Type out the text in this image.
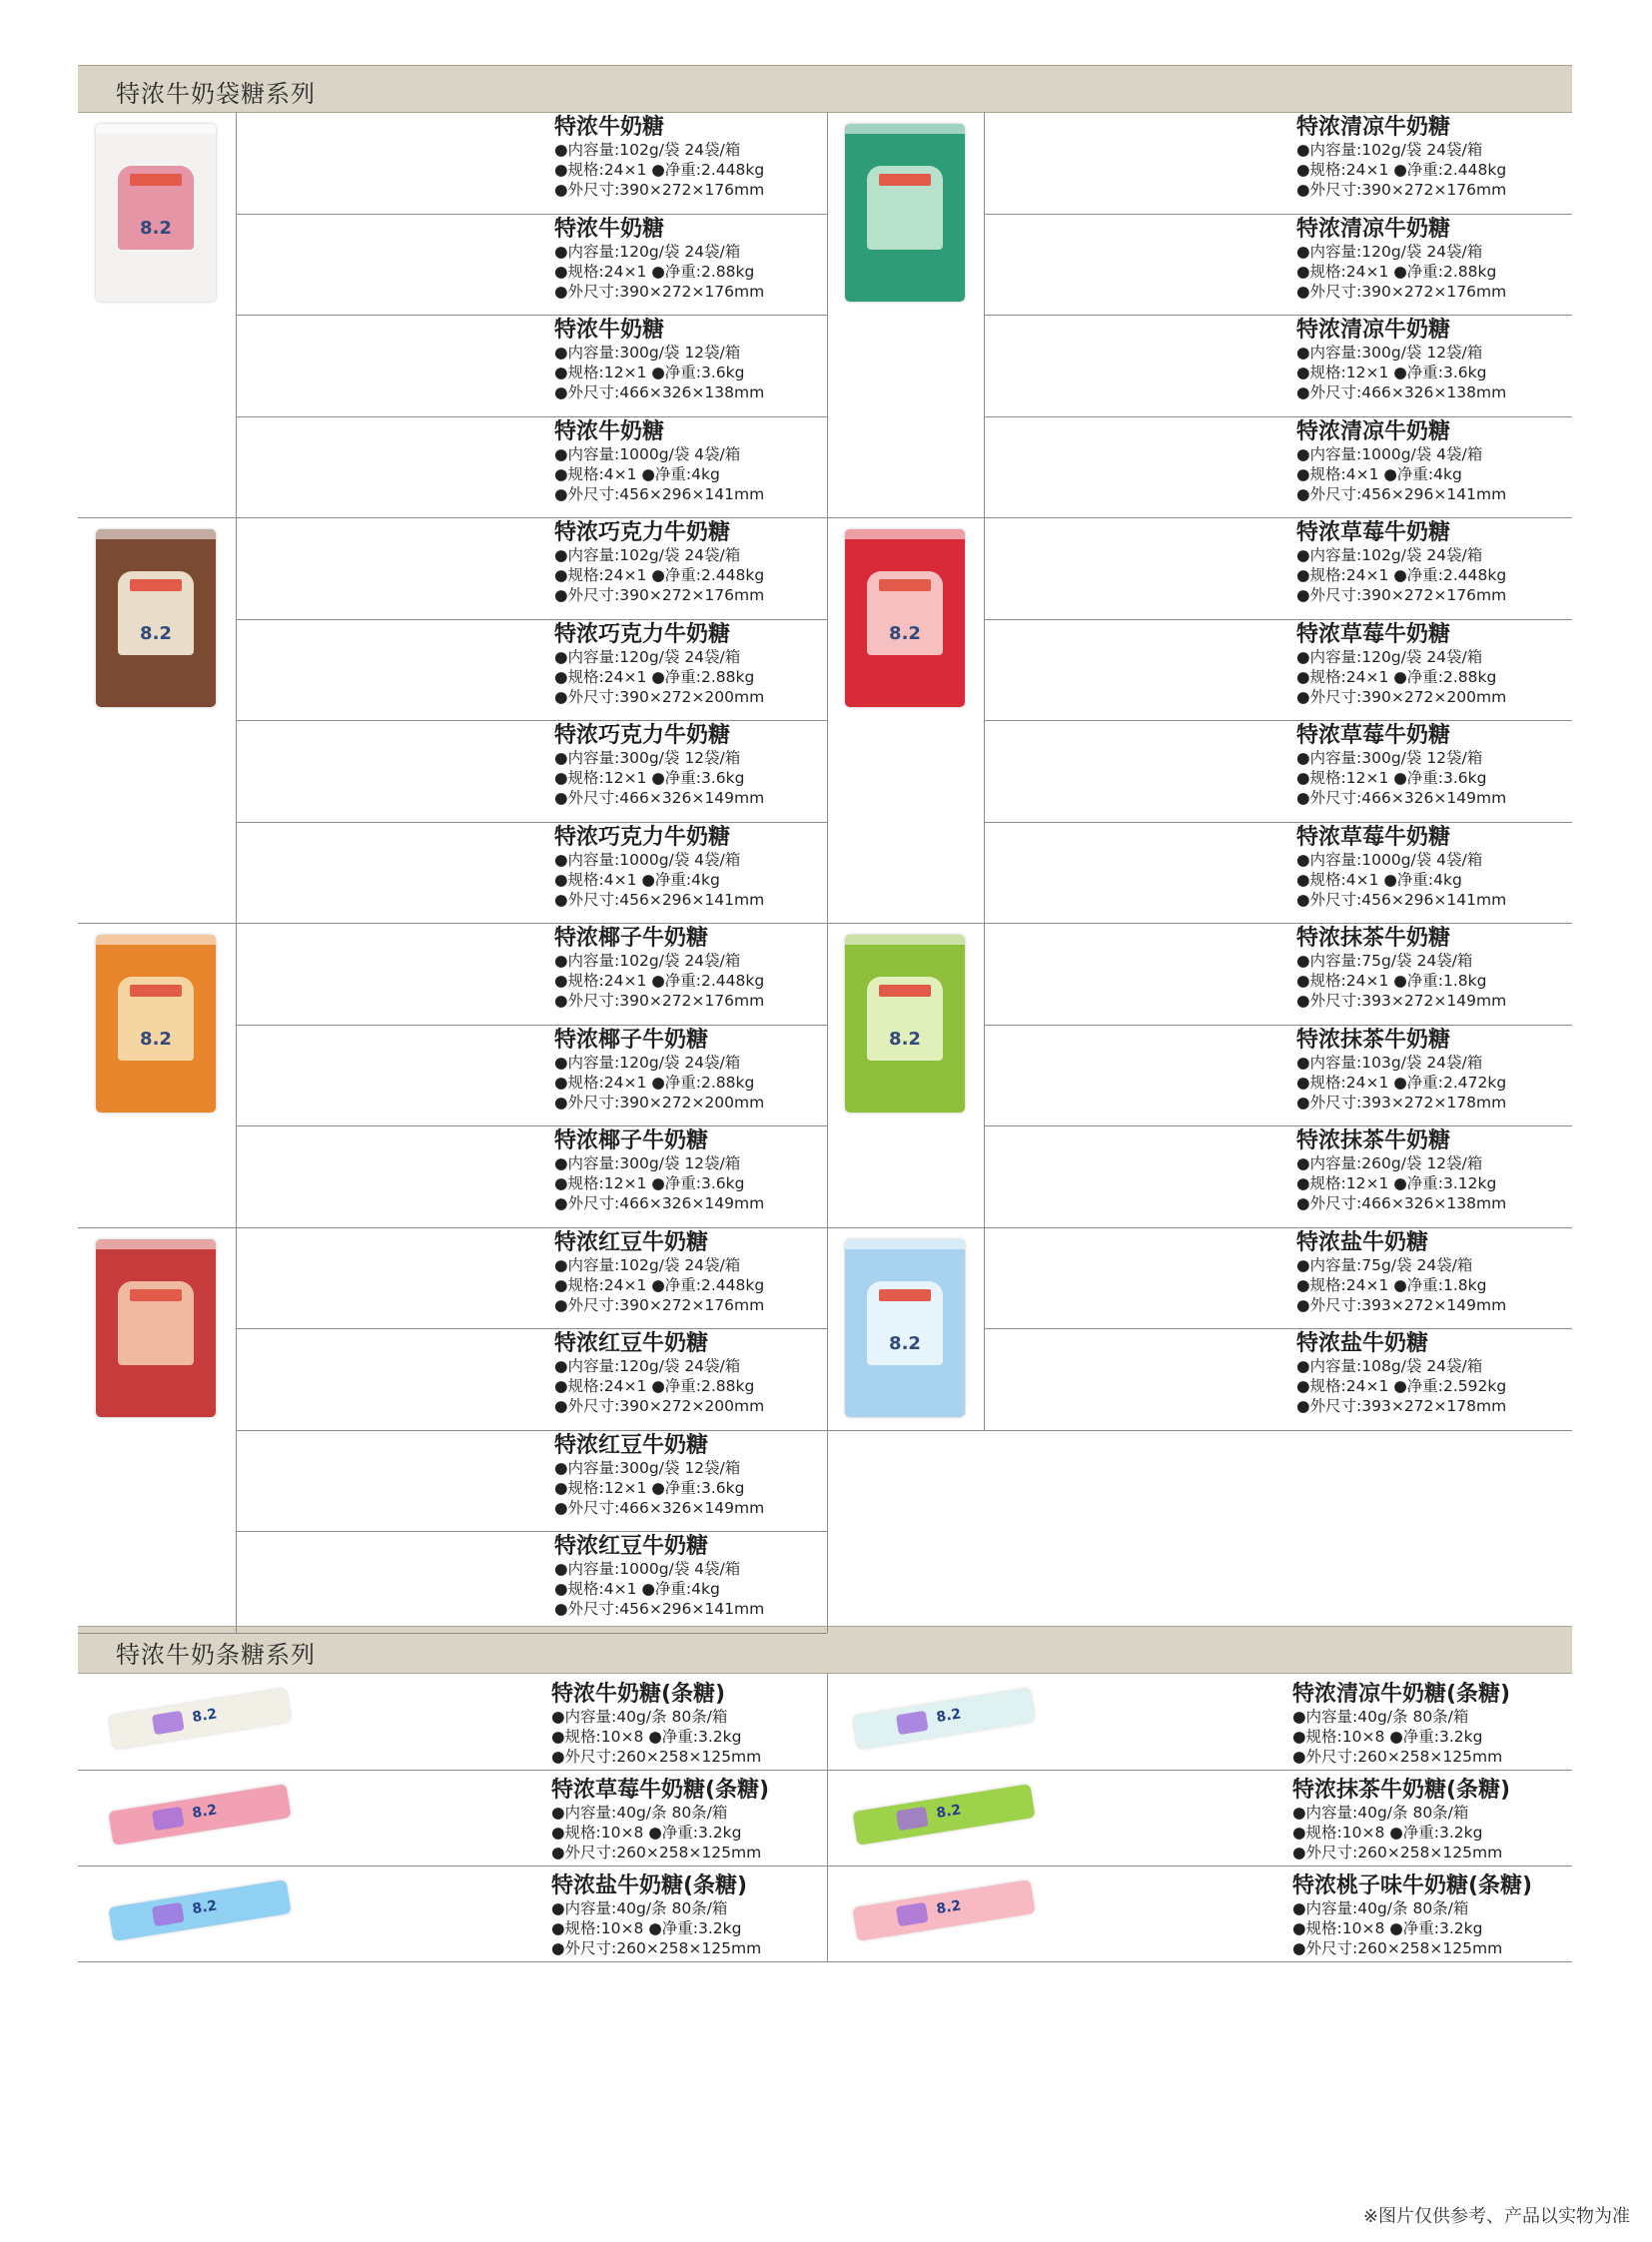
特浓牛奶袋糖系列
特浓牛奶条糖系列
8.2
特浓牛奶糖
●内容量:102g/袋 24袋/箱
●规格:24×1 ●净重:2.448kg
●外尺寸:390×272×176mm
特浓牛奶糖
●内容量:120g/袋 24袋/箱
●规格:24×1 ●净重:2.88kg
●外尺寸:390×272×176mm
特浓牛奶糖
●内容量:300g/袋 12袋/箱
●规格:12×1 ●净重:3.6kg
●外尺寸:466×326×138mm
特浓牛奶糖
●内容量:1000g/袋 4袋/箱
●规格:4×1 ●净重:4kg
●外尺寸:456×296×141mm
8.2
特浓巧克力牛奶糖
●内容量:102g/袋 24袋/箱
●规格:24×1 ●净重:2.448kg
●外尺寸:390×272×176mm
特浓巧克力牛奶糖
●内容量:120g/袋 24袋/箱
●规格:24×1 ●净重:2.88kg
●外尺寸:390×272×200mm
特浓巧克力牛奶糖
●内容量:300g/袋 12袋/箱
●规格:12×1 ●净重:3.6kg
●外尺寸:466×326×149mm
特浓巧克力牛奶糖
●内容量:1000g/袋 4袋/箱
●规格:4×1 ●净重:4kg
●外尺寸:456×296×141mm
8.2
特浓椰子牛奶糖
●内容量:102g/袋 24袋/箱
●规格:24×1 ●净重:2.448kg
●外尺寸:390×272×176mm
特浓椰子牛奶糖
●内容量:120g/袋 24袋/箱
●规格:24×1 ●净重:2.88kg
●外尺寸:390×272×200mm
特浓椰子牛奶糖
●内容量:300g/袋 12袋/箱
●规格:12×1 ●净重:3.6kg
●外尺寸:466×326×149mm
特浓红豆牛奶糖
●内容量:102g/袋 24袋/箱
●规格:24×1 ●净重:2.448kg
●外尺寸:390×272×176mm
特浓红豆牛奶糖
●内容量:120g/袋 24袋/箱
●规格:24×1 ●净重:2.88kg
●外尺寸:390×272×200mm
特浓红豆牛奶糖
●内容量:300g/袋 12袋/箱
●规格:12×1 ●净重:3.6kg
●外尺寸:466×326×149mm
特浓红豆牛奶糖
●内容量:1000g/袋 4袋/箱
●规格:4×1 ●净重:4kg
●外尺寸:456×296×141mm
特浓清凉牛奶糖
●内容量:102g/袋 24袋/箱
●规格:24×1 ●净重:2.448kg
●外尺寸:390×272×176mm
特浓清凉牛奶糖
●内容量:120g/袋 24袋/箱
●规格:24×1 ●净重:2.88kg
●外尺寸:390×272×176mm
特浓清凉牛奶糖
●内容量:300g/袋 12袋/箱
●规格:12×1 ●净重:3.6kg
●外尺寸:466×326×138mm
特浓清凉牛奶糖
●内容量:1000g/袋 4袋/箱
●规格:4×1 ●净重:4kg
●外尺寸:456×296×141mm
8.2
特浓草莓牛奶糖
●内容量:102g/袋 24袋/箱
●规格:24×1 ●净重:2.448kg
●外尺寸:390×272×176mm
特浓草莓牛奶糖
●内容量:120g/袋 24袋/箱
●规格:24×1 ●净重:2.88kg
●外尺寸:390×272×200mm
特浓草莓牛奶糖
●内容量:300g/袋 12袋/箱
●规格:12×1 ●净重:3.6kg
●外尺寸:466×326×149mm
特浓草莓牛奶糖
●内容量:1000g/袋 4袋/箱
●规格:4×1 ●净重:4kg
●外尺寸:456×296×141mm
8.2
特浓抹茶牛奶糖
●内容量:75g/袋 24袋/箱
●规格:24×1 ●净重:1.8kg
●外尺寸:393×272×149mm
特浓抹茶牛奶糖
●内容量:103g/袋 24袋/箱
●规格:24×1 ●净重:2.472kg
●外尺寸:393×272×178mm
特浓抹茶牛奶糖
●内容量:260g/袋 12袋/箱
●规格:12×1 ●净重:3.12kg
●外尺寸:466×326×138mm
8.2
特浓盐牛奶糖
●内容量:75g/袋 24袋/箱
●规格:24×1 ●净重:1.8kg
●外尺寸:393×272×149mm
特浓盐牛奶糖
●内容量:108g/袋 24袋/箱
●规格:24×1 ●净重:2.592kg
●外尺寸:393×272×178mm
8.2
特浓牛奶糖(条糖)
●内容量:40g/条 80条/箱
●规格:10×8 ●净重:3.2kg
●外尺寸:260×258×125mm
8.2
特浓清凉牛奶糖(条糖)
●内容量:40g/条 80条/箱
●规格:10×8 ●净重:3.2kg
●外尺寸:260×258×125mm
8.2
特浓草莓牛奶糖(条糖)
●内容量:40g/条 80条/箱
●规格:10×8 ●净重:3.2kg
●外尺寸:260×258×125mm
8.2
特浓抹茶牛奶糖(条糖)
●内容量:40g/条 80条/箱
●规格:10×8 ●净重:3.2kg
●外尺寸:260×258×125mm
8.2
特浓盐牛奶糖(条糖)
●内容量:40g/条 80条/箱
●规格:10×8 ●净重:3.2kg
●外尺寸:260×258×125mm
8.2
特浓桃子味牛奶糖(条糖)
●内容量:40g/条 80条/箱
●规格:10×8 ●净重:3.2kg
●外尺寸:260×258×125mm
※图片仅供参考、产品以实物为准
